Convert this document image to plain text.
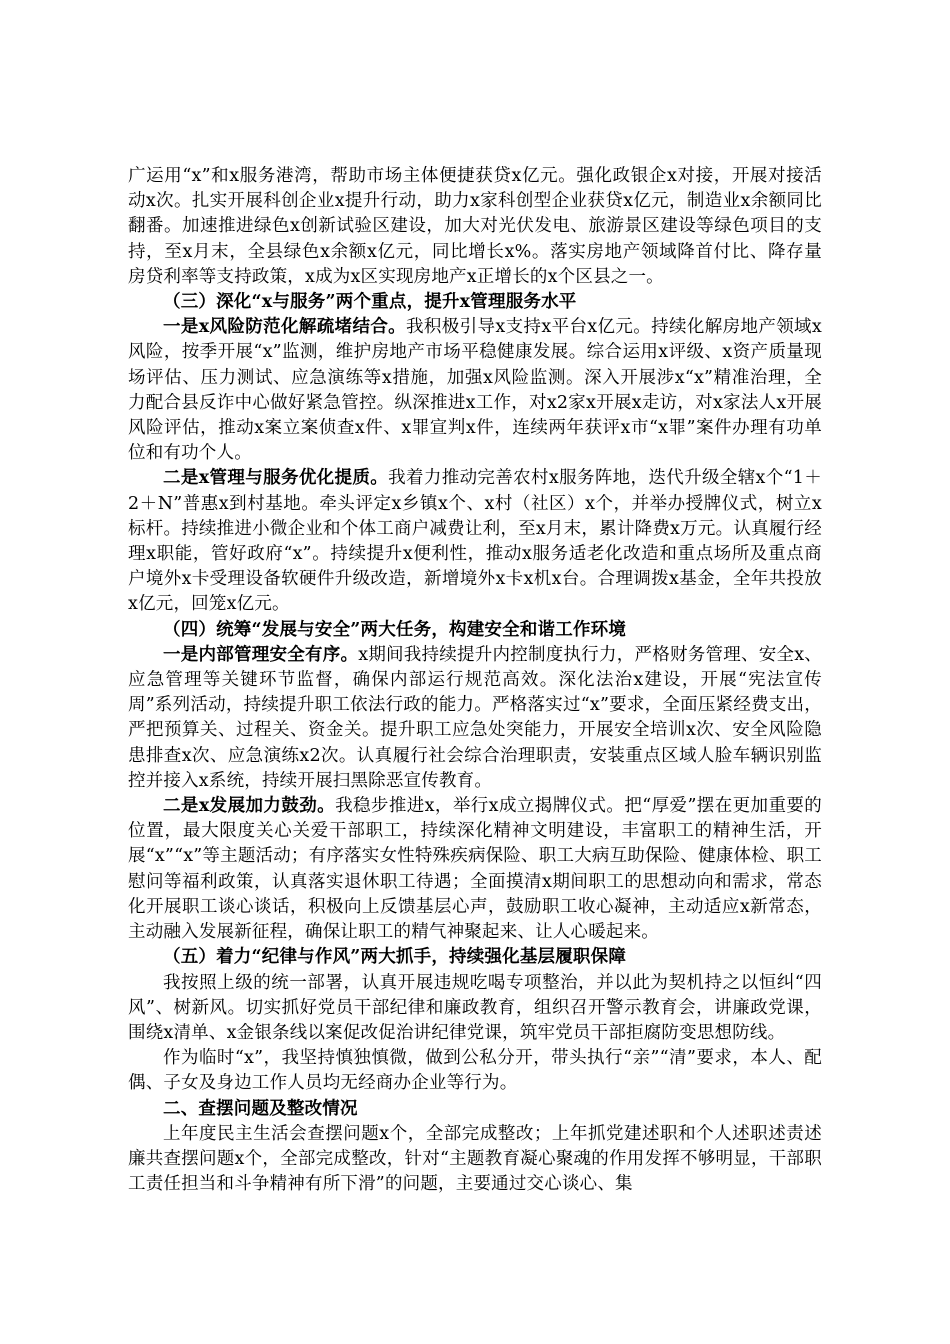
广运用“x”和x服务港湾，帮助市场主体便捷获贷x亿元。强化政银企x对接，开展对接活动x次。扎实开展科创企业x提升行动，助力x家科创型企业获贷x亿元，制造业x余额同比翻番。加速推进绿色x创新试验区建设，加大对光伏发电、旅游景区建设等绿色项目的支持，至x月末，全县绿色x余额x亿元，同比增长x%。落实房地产领域降首付比、降存量房贷利率等支持政策，x成为x区实现房地产x正增长的x个区县之一。

（三）深化“x与服务”两个重点，提升x管理服务水平

一是x风险防范化解疏堵结合。我积极引导x支持x平台x亿元。持续化解房地产领域x风险，按季开展“x”监测，维护房地产市场平稳健康发展。综合运用x评级、x资产质量现场评估、压力测试、应急演练等x措施，加强x风险监测。深入开展涉x“x”精准治理，全力配合县反诈中心做好紧急管控。纵深推进x工作，对x2家x开展x走访，对x家法人x开展风险评估，推动x案立案侦查x件、x罪宣判x件，连续两年获评x市“x罪”案件办理有功单位和有功个人。

二是x管理与服务优化提质。我着力推动完善农村x服务阵地，迭代升级全辖x个“1＋2＋N”普惠x到村基地。牵头评定x乡镇x个、x村（社区）x个，并举办授牌仪式，树立x标杆。持续推进小微企业和个体工商户减费让利，至x月末，累计降费x万元。认真履行经理x职能，管好政府“x”。持续提升x便利性，推动x服务适老化改造和重点场所及重点商户境外x卡受理设备软硬件升级改造，新增境外x卡x机x台。合理调拨x基金，全年共投放x亿元，回笼x亿元。

（四）统筹“发展与安全”两大任务，构建安全和谐工作环境

一是内部管理安全有序。x期间我持续提升内控制度执行力，严格财务管理、安全x、应急管理等关键环节监督，确保内部运行规范高效。深化法治x建设，开展“宪法宣传周”系列活动，持续提升职工依法行政的能力。严格落实过“x”要求，全面压紧经费支出，严把预算关、过程关、资金关。提升职工应急处突能力，开展安全培训x次、安全风险隐患排查x次、应急演练x2次。认真履行社会综合治理职责，安装重点区域人脸车辆识别监控并接入x系统，持续开展扫黑除恶宣传教育。

二是x发展加力鼓劲。我稳步推进x，举行x成立揭牌仪式。把“厚爱”摆在更加重要的位置，最大限度关心关爱干部职工，持续深化精神文明建设，丰富职工的精神生活，开展“x”“x”等主题活动；有序落实女性特殊疾病保险、职工大病互助保险、健康体检、职工慰问等福利政策，认真落实退休职工待遇；全面摸清x期间职工的思想动向和需求，常态化开展职工谈心谈话，积极向上反馈基层心声，鼓励职工收心凝神，主动适应x新常态，主动融入发展新征程，确保让职工的精气神聚起来、让人心暖起来。

（五）着力“纪律与作风”两大抓手，持续强化基层履职保障

我按照上级的统一部署，认真开展违规吃喝专项整治，并以此为契机持之以恒纠“四风”、树新风。切实抓好党员干部纪律和廉政教育，组织召开警示教育会，讲廉政党课，围绕x清单、x金银条线以案促改促治讲纪律党课，筑牢党员干部拒腐防变思想防线。

作为临时“x”，我坚持慎独慎微，做到公私分开，带头执行“亲”“清”要求，本人、配偶、子女及身边工作人员均无经商办企业等行为。

二、查摆问题及整改情况

上年度民主生活会查摆问题x个，全部完成整改；上年抓党建述职和个人述职述责述廉共查摆问题x个，全部完成整改，针对“主题教育凝心聚魂的作用发挥不够明显，干部职工责任担当和斗争精神有所下滑”的问题，主要通过交心谈心、集
